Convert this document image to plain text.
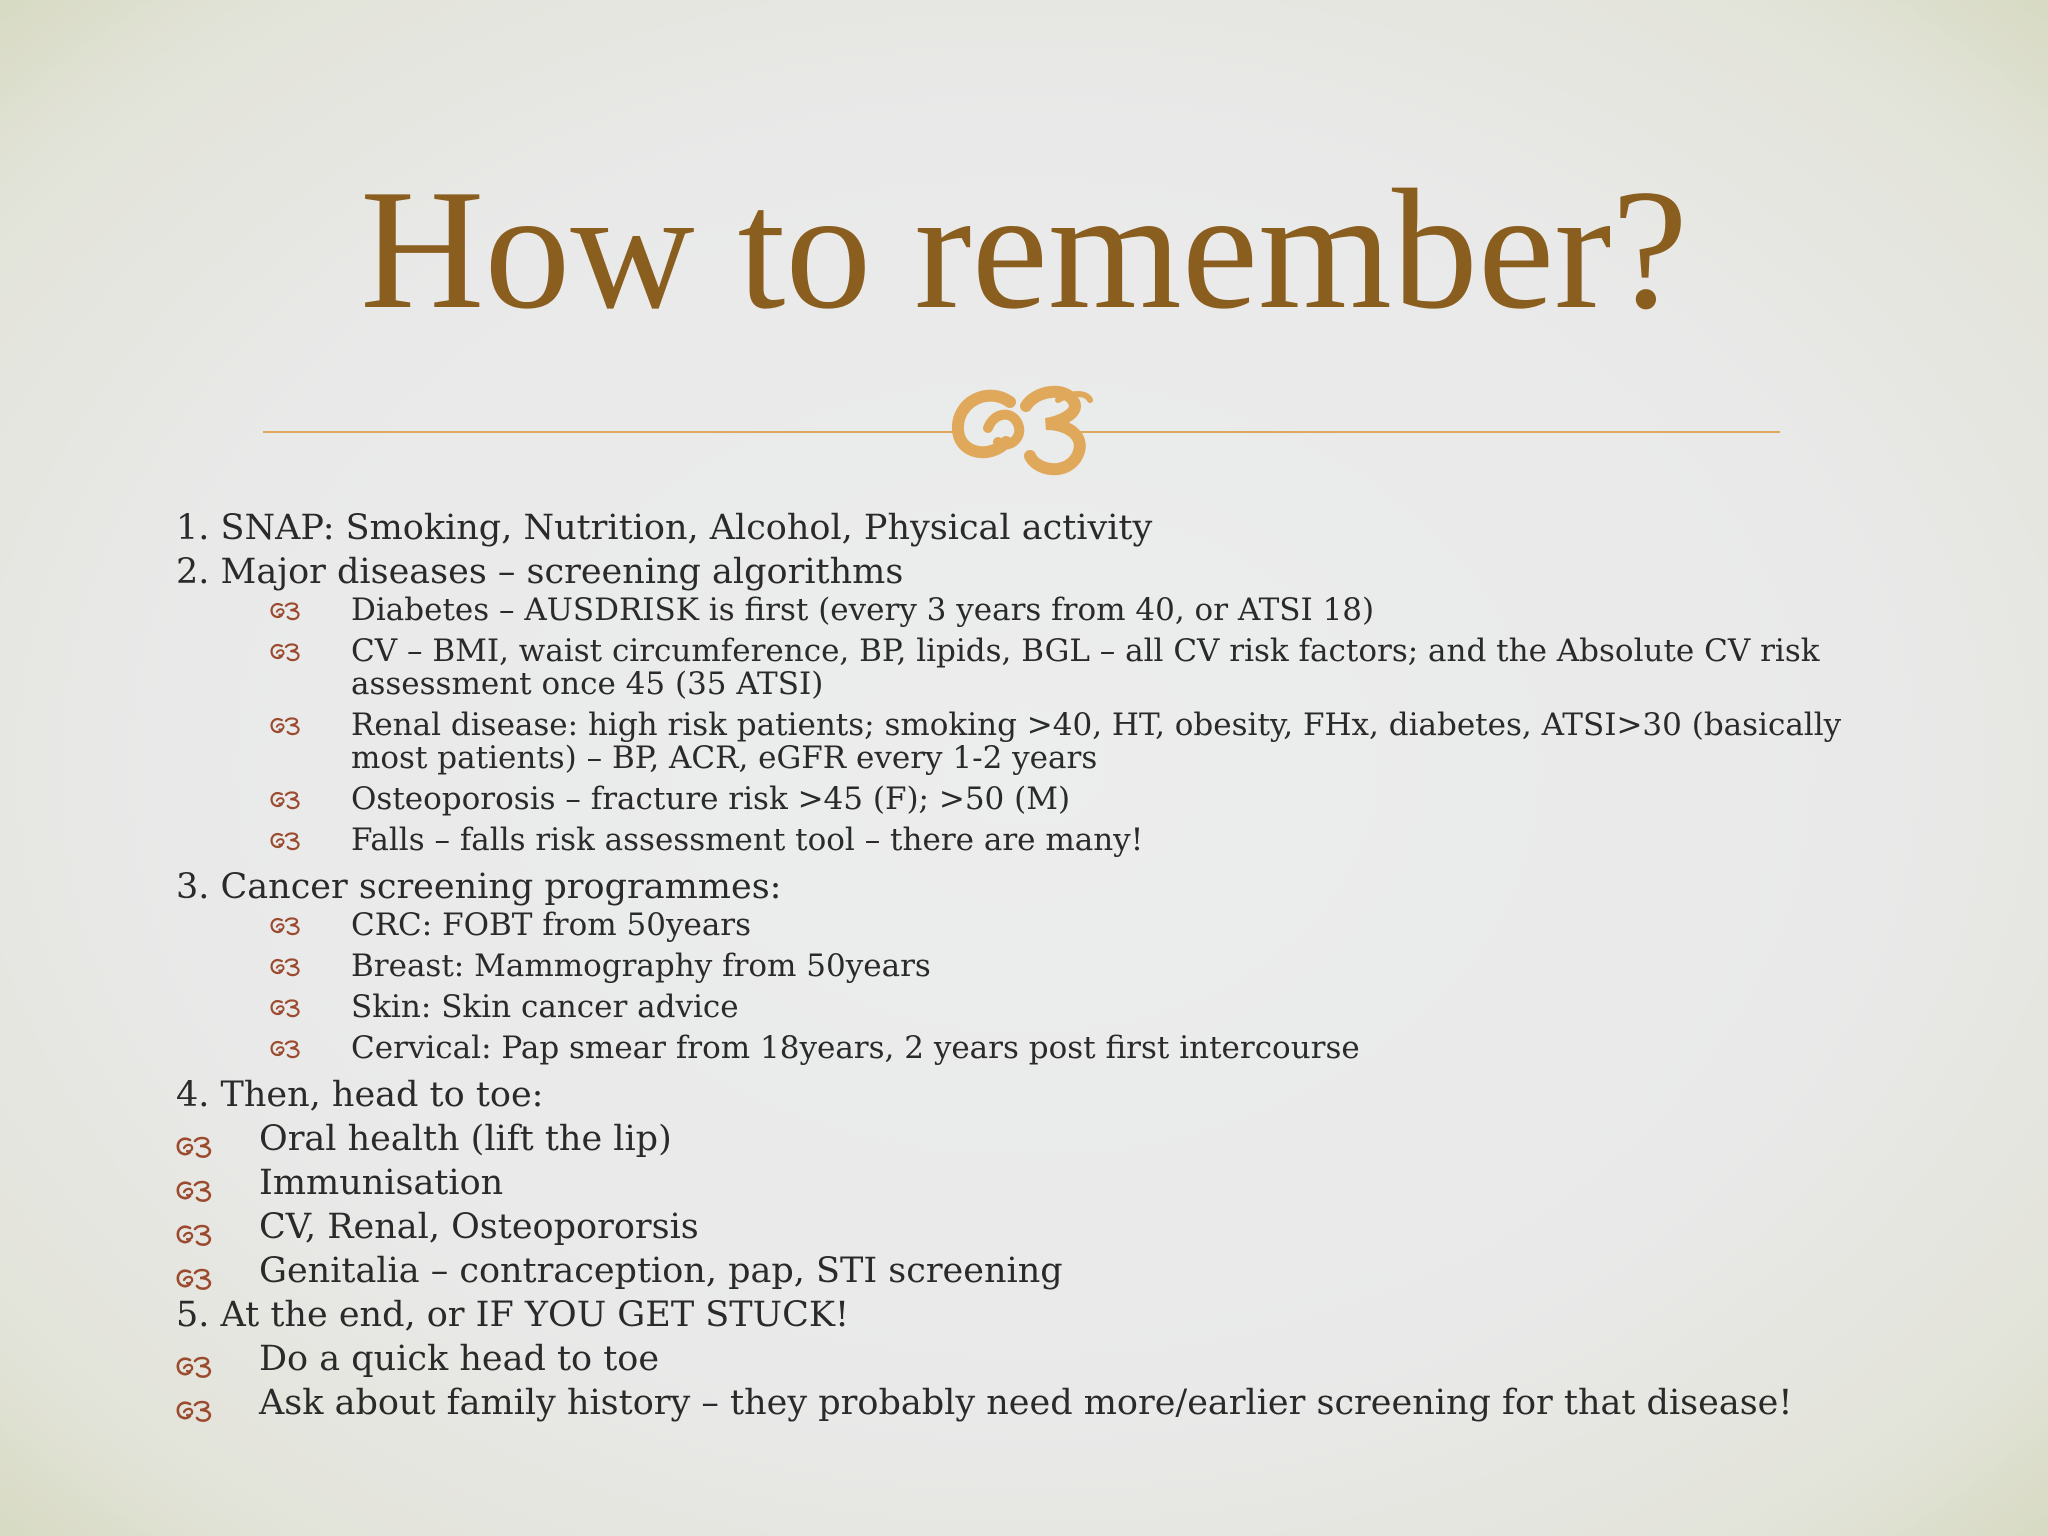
How to remember?
1. SNAP: Smoking, Nutrition, Alcohol, Physical activity
2. Major diseases – screening algorithms
Diabetes – AUSDRISK is first (every 3 years from 40, or ATSI 18)
CV – BMI, waist circumference, BP, lipids, BGL – all CV risk factors; and the Absolute CV risk assessment once 45 (35 ATSI)
Renal disease: high risk patients; smoking >40, HT, obesity, FHx, diabetes, ATSI>30 (basically most patients) – BP, ACR, eGFR every 1-2 years
Osteoporosis – fracture risk >45 (F); >50 (M)
Falls – falls risk assessment tool – there are many!
3. Cancer screening programmes:
CRC: FOBT from 50years
Breast: Mammography from 50years
Skin: Skin cancer advice
Cervical: Pap smear from 18years, 2 years post first intercourse
4. Then, head to toe:
Oral health (lift the lip)
Immunisation
CV, Renal, Osteopororsis
Genitalia – contraception, pap, STI screening
5. At the end, or IF YOU GET STUCK!
Do a quick head to toe
Ask about family history – they probably need more/earlier screening for that disease!
